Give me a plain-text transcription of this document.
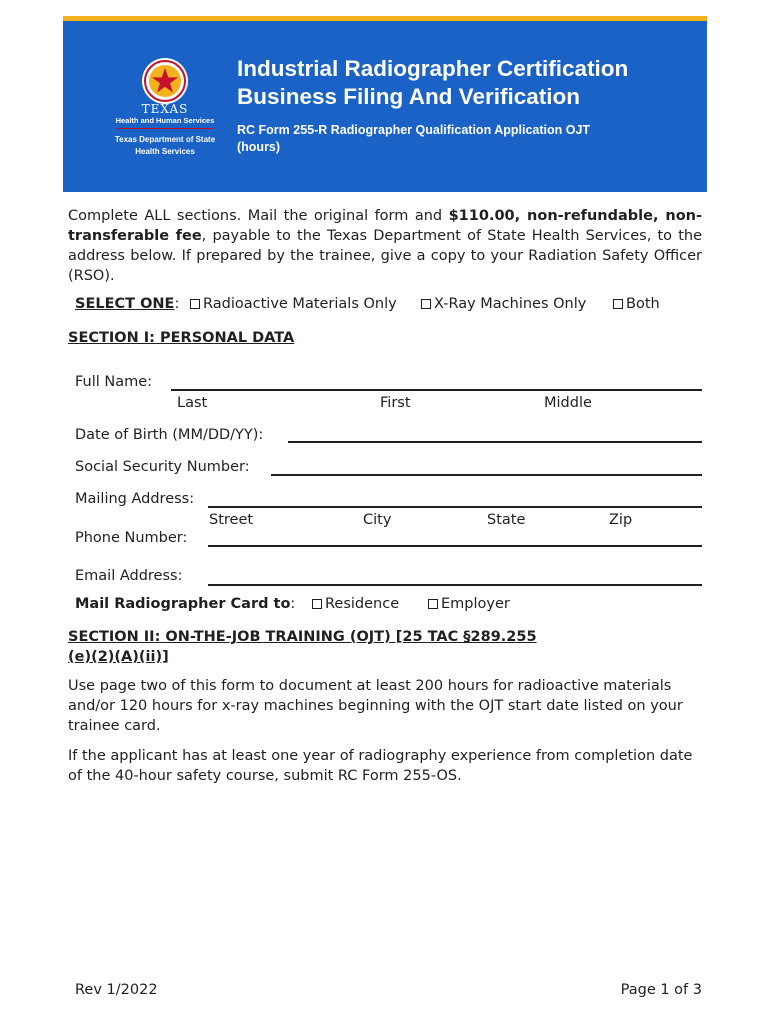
TEXAS
Health and Human Services
Texas Department of State Health Services
Industrial Radiographer Certification
Business Filing And Verification
RC Form 255-R Radiographer Qualification Application OJT
(hours)
Complete ALL sections. Mail the original form and $110.00, non-refundable, non-transferable fee, payable to the Texas Department of State Health Services, to the address below. If prepared by the trainee, give a copy to your Radiation Safety Officer (RSO).
SELECT ONE:	Radioactive Materials Only	X-Ray Machines Only	Both
SECTION I: PERSONAL DATA
Full Name:
Last	First	Middle
Date of Birth (MM/DD/YY):
Social Security Number:
Mailing Address:
Street	City	State	Zip
Phone Number:
Email Address:
Mail Radiographer Card to:	Residence	Employer
SECTION II: ON-THE-JOB TRAINING (OJT) [25 TAC §289.255
(e)(2)(A)(ii)]
Use page two of this form to document at least 200 hours for radioactive materials and/or 120 hours for x-ray machines beginning with the OJT start date listed on your trainee card.
If the applicant has at least one year of radiography experience from completion date of the 40-hour safety course, submit RC Form 255-OS.
Rev 1/2022	Page 1 of 3
